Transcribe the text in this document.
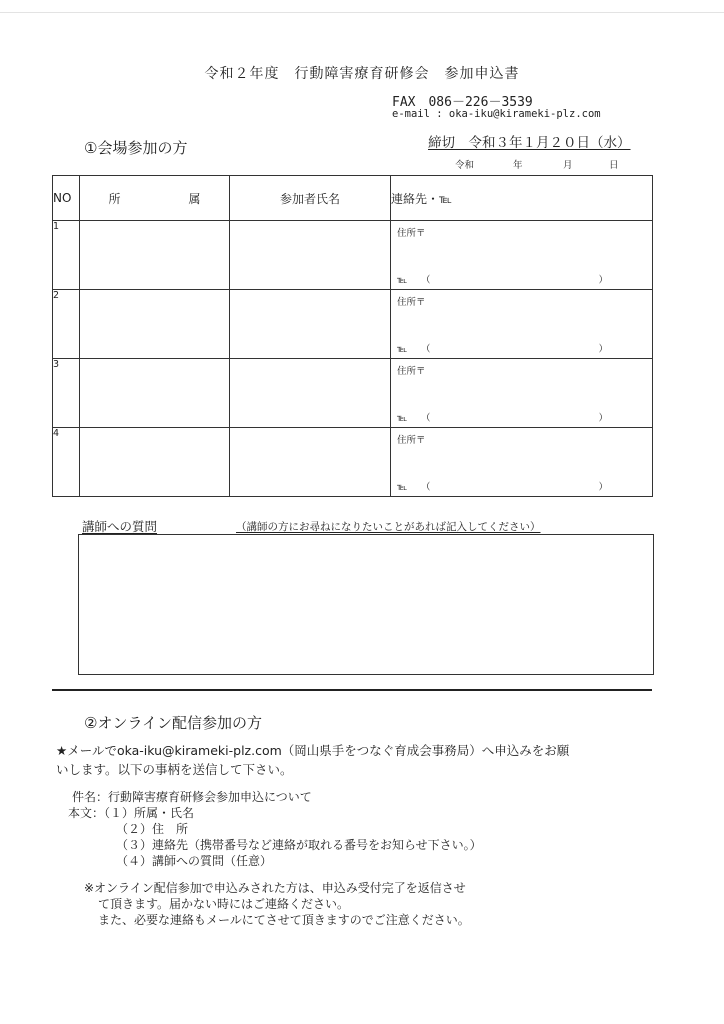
令和２年度　行動障害療育研修会　参加申込書
FAX　086－226－3539
e-mail : oka-iku@kirameki-plz.com
締切　令和３年１月２０日（水）
①会場参加の方
令和	年	月	日
NO	所　属	参加者氏名	連絡先・℡
1			住所〒
℡ （ ）

2			住所〒
℡ （ ）

3			住所〒
℡ （ ）

4			住所〒
℡ （ ）
講師への質問	（講師の方にお尋ねになりたいことがあれば記入してください）
②オンライン配信参加の方
★メールでoka-iku@kirameki-plz.com（岡山県手をつなぐ育成会事務局）へ申込みをお願
いします。以下の事柄を送信して下さい。
件名：行動障害療育研修会参加申込について
本文：（１）所属・氏名
（２）住　所
（３）連絡先（携帯番号など連絡が取れる番号をお知らせ下さい。）
（４）講師への質問（任意）
※オンライン配信参加で申込みされた方は、申込み受付完了を返信させ
て頂きます。届かない時にはご連絡ください。
また、必要な連絡もメールにてさせて頂きますのでご注意ください。
